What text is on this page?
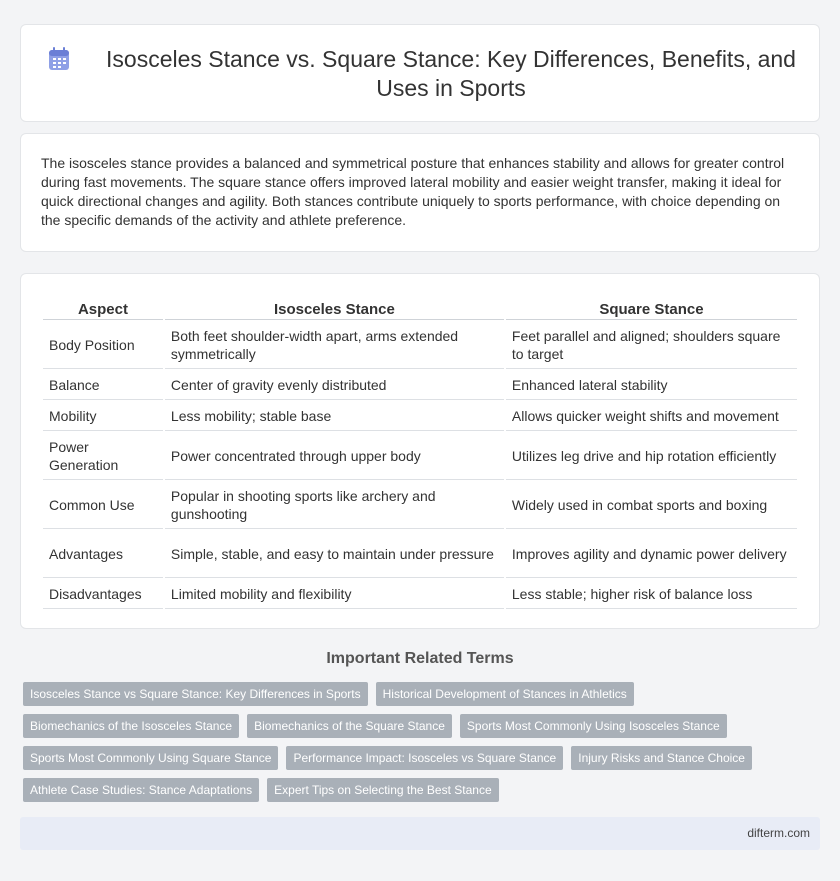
Isosceles Stance vs. Square Stance: Key Differences, Benefits, and Uses in Sports

The isosceles stance provides a balanced and symmetrical posture that enhances stability and allows for greater control during fast movements. The square stance offers improved lateral mobility and easier weight transfer, making it ideal for quick directional changes and agility. Both stances contribute uniquely to sports performance, with choice depending on the specific demands of the activity and athlete preference.

Aspect	Isosceles Stance	Square Stance
Body Position	Both feet shoulder-width apart, arms extended symmetrically	Feet parallel and aligned; shoulders square to target
Balance	Center of gravity evenly distributed	Enhanced lateral stability
Mobility	Less mobility; stable base	Allows quicker weight shifts and movement
Power Generation	Power concentrated through upper body	Utilizes leg drive and hip rotation efficiently
Common Use	Popular in shooting sports like archery and gunshooting	Widely used in combat sports and boxing
Advantages	Simple, stable, and easy to maintain under pressure	Improves agility and dynamic power delivery
Disadvantages	Limited mobility and flexibility	Less stable; higher risk of balance loss
Important Related Terms
Isosceles Stance vs Square Stance: Key Differences in Sports	Historical Development of Stances in Athletics
Biomechanics of the Isosceles Stance	Biomechanics of the Square Stance	Sports Most Commonly Using Isosceles Stance
Sports Most Commonly Using Square Stance	Performance Impact: Isosceles vs Square Stance	Injury Risks and Stance Choice
Athlete Case Studies: Stance Adaptations	Expert Tips on Selecting the Best Stance
difterm.com
